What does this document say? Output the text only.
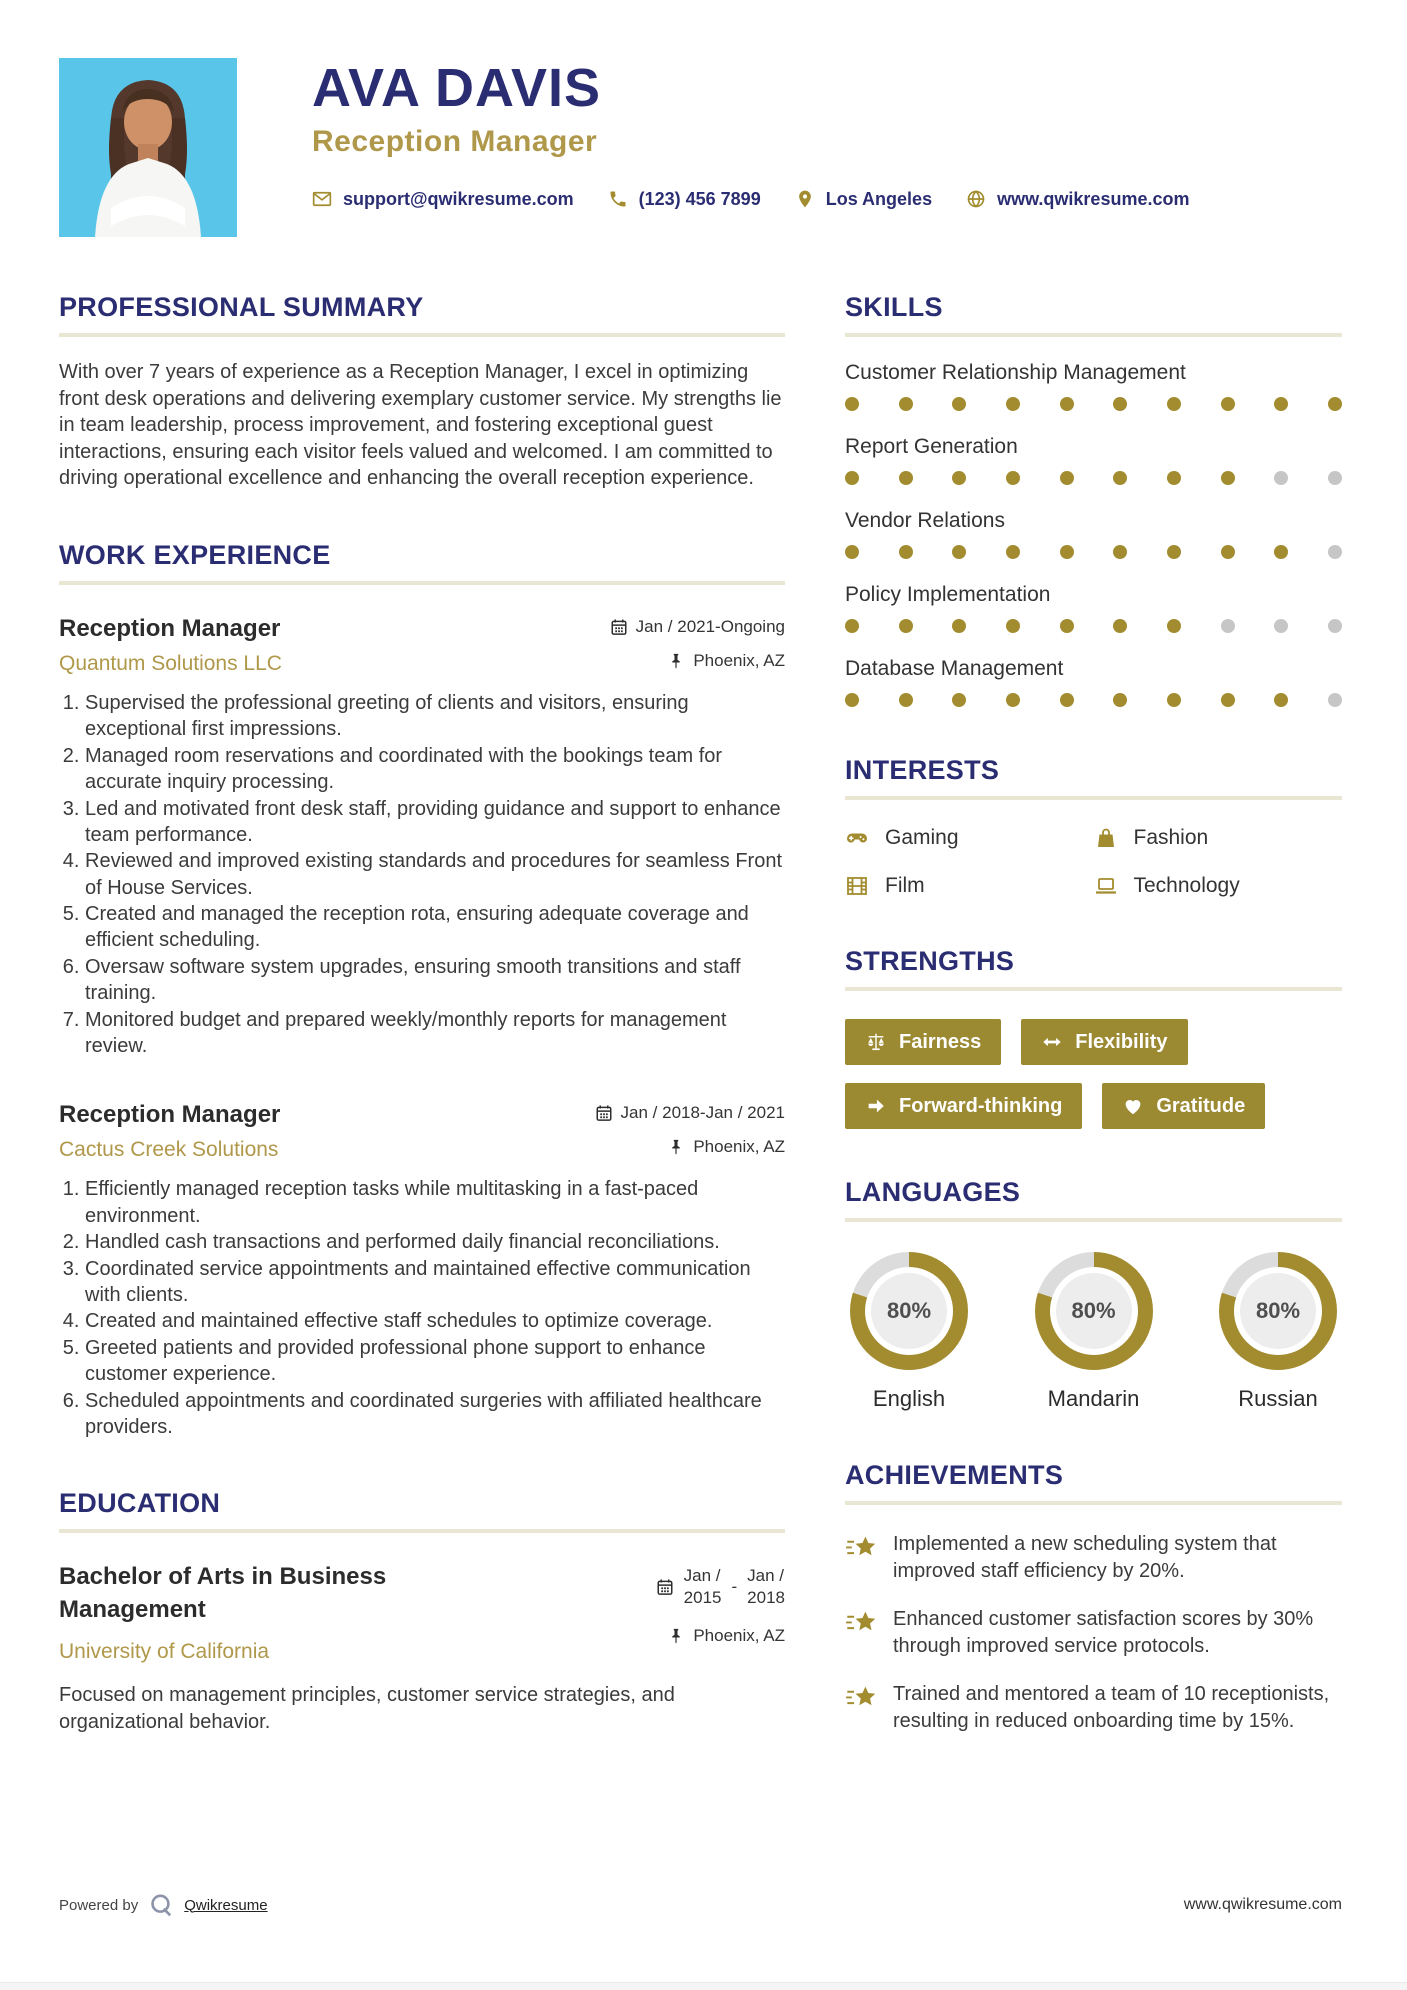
AVA DAVIS
Reception Manager
support@qwikresume.com	(123) 456 7899	Los Angeles	www.qwikresume.com
PROFESSIONAL SUMMARY

With over 7 years of experience as a Reception Manager, I excel in optimizing front desk operations and delivering exemplary customer service. My strengths lie in team leadership, process improvement, and fostering exceptional guest interactions, ensuring each visitor feels valued and welcomed. I am committed to driving operational excellence and enhancing the overall reception experience.

WORK EXPERIENCE
Reception Manager	Jan / 2021-Ongoing
Quantum Solutions LLC	Phoenix, AZ
1. Supervised the professional greeting of clients and visitors, ensuring exceptional first impressions.
2. Managed room reservations and coordinated with the bookings team for accurate inquiry processing.
3. Led and motivated front desk staff, providing guidance and support to enhance team performance.
4. Reviewed and improved existing standards and procedures for seamless Front of House Services.
5. Created and managed the reception rota, ensuring adequate coverage and efficient scheduling.
6. Oversaw software system upgrades, ensuring smooth transitions and staff training.
7. Monitored budget and prepared weekly/monthly reports for management review.
Reception Manager	Jan / 2018-Jan / 2021
Cactus Creek Solutions	Phoenix, AZ
1. Efficiently managed reception tasks while multitasking in a fast-paced environment.
2. Handled cash transactions and performed daily financial reconciliations.
3. Coordinated service appointments and maintained effective communication with clients.
4. Created and maintained effective staff schedules to optimize coverage.
5. Greeted patients and provided professional phone support to enhance customer experience.
6. Scheduled appointments and coordinated surgeries with affiliated healthcare providers.
EDUCATION
Bachelor of Arts in Business Management
University of California
Jan /
2015
-
Jan /
2018
Phoenix, AZ

Focused on management principles, customer service strategies, and organizational behavior.

SKILLS
Customer Relationship Management
Report Generation
Vendor Relations
Policy Implementation
Database Management
INTERESTS
Gaming	Fashion
Film	Technology
STRENGTHS
Fairness	Flexibility
Forward-thinking	Gratitude
LANGUAGES
80%
English
80%
Mandarin
80%
Russian
ACHIEVEMENTS
Implemented a new scheduling system that improved staff efficiency by 20%.
Enhanced customer satisfaction scores by 30% through improved service protocols.
Trained and mentored a team of 10 receptionists, resulting in reduced onboarding time by 15%.
Powered by	Qwikresume	www.qwikresume.com
